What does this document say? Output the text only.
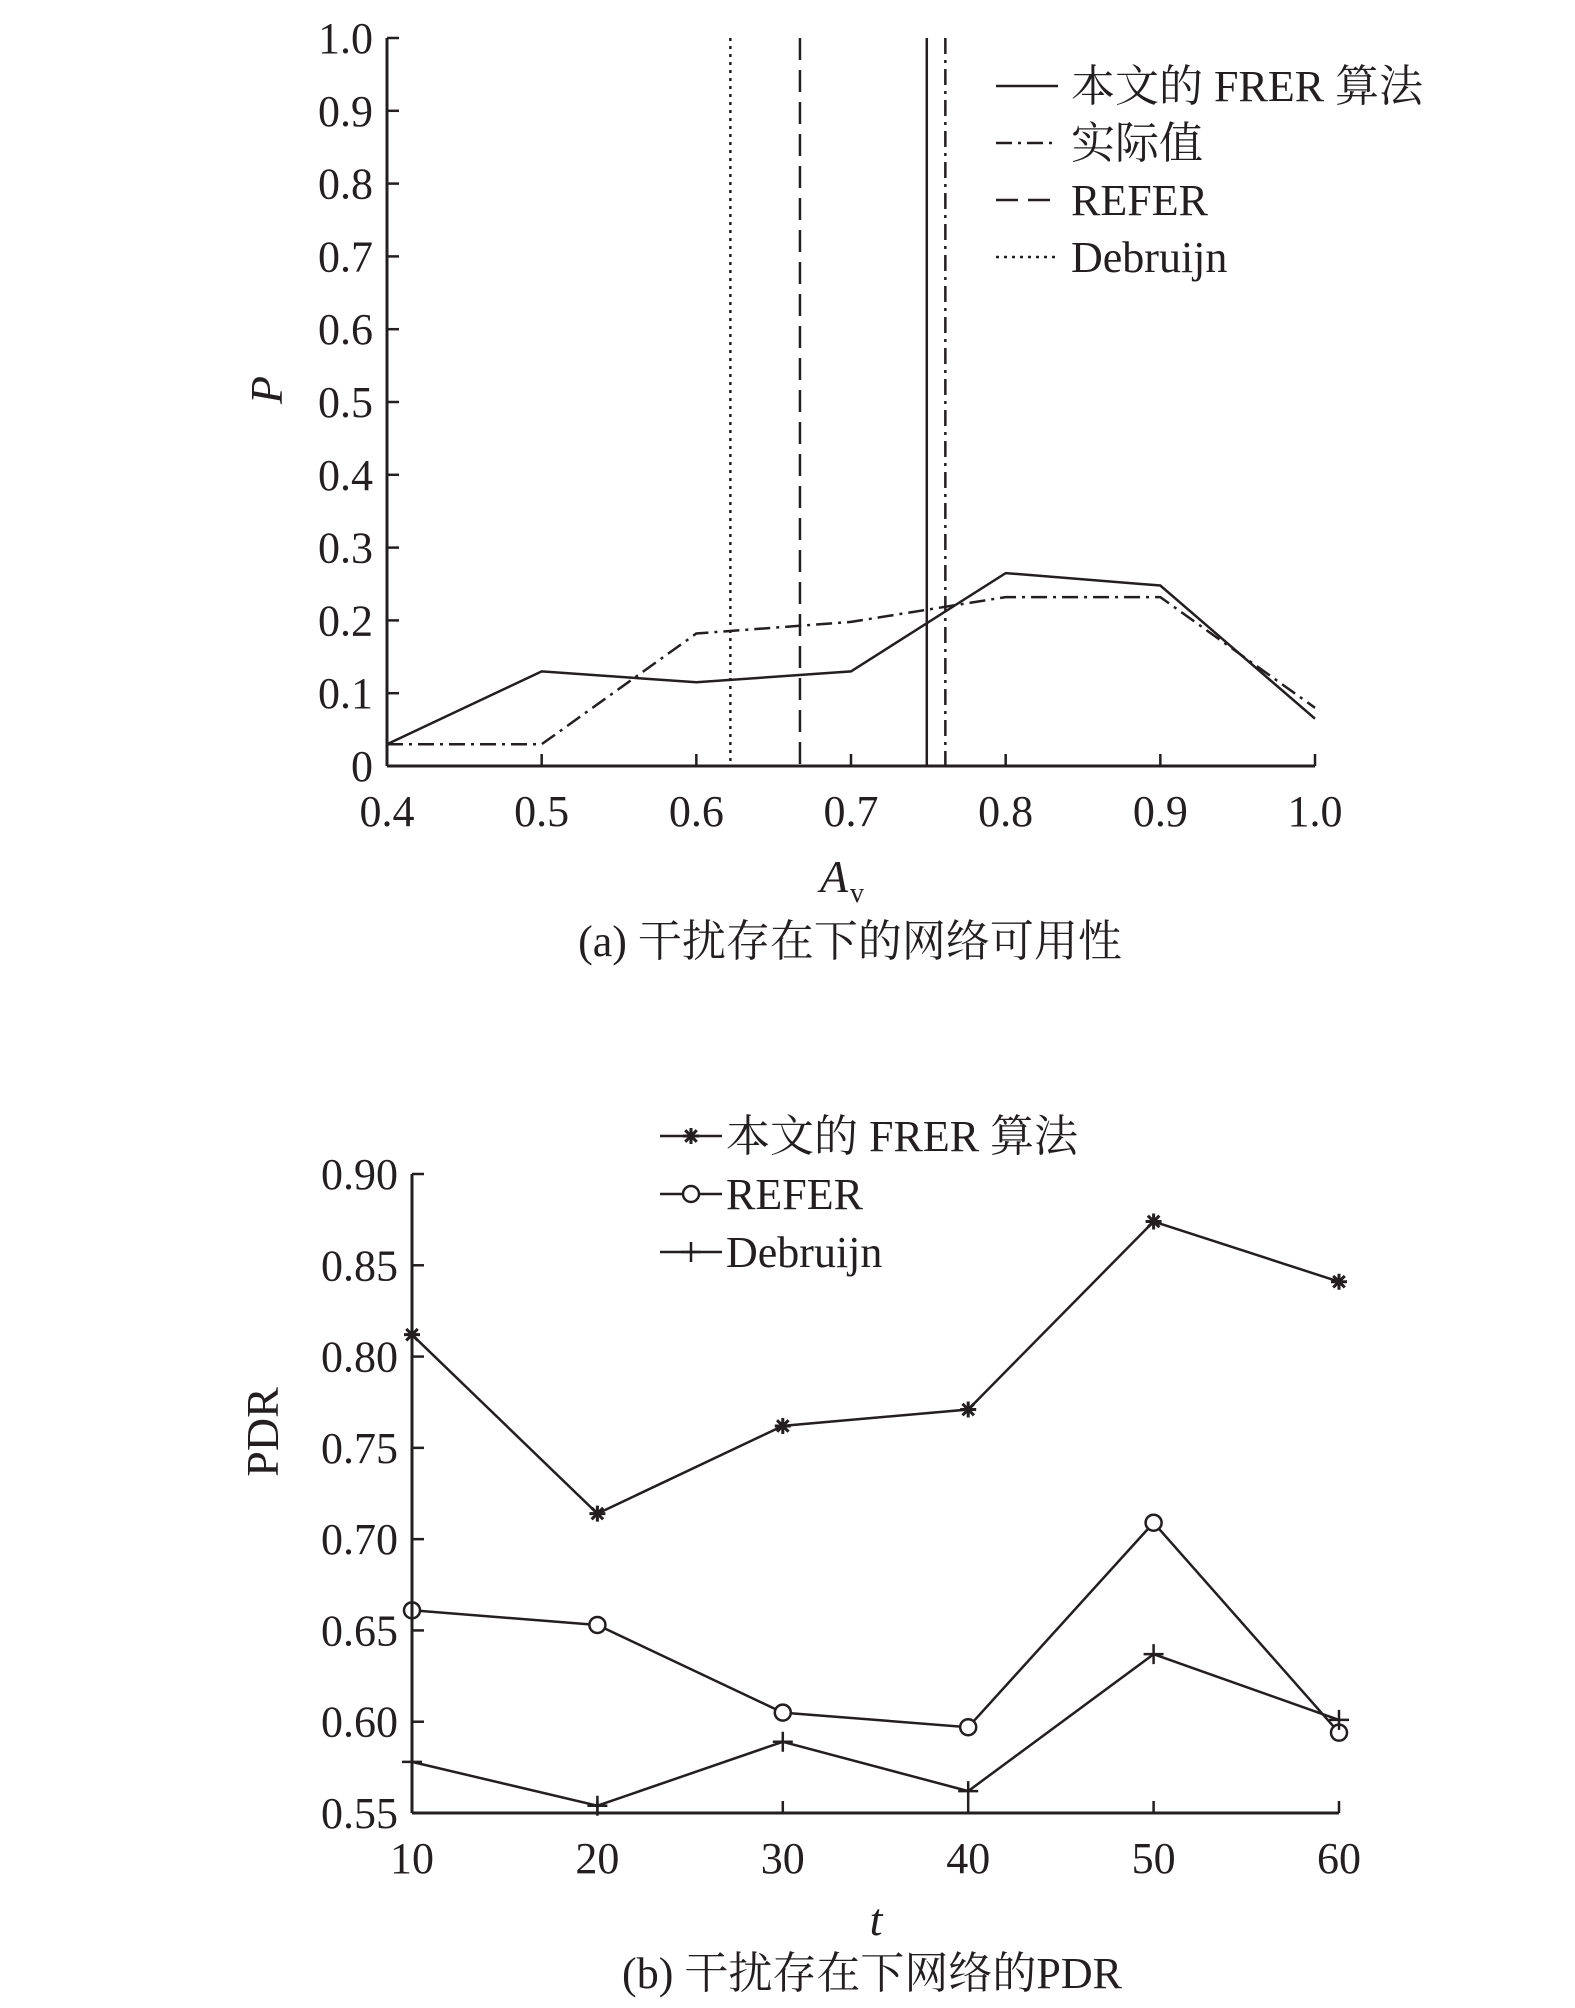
0
0.1
0.2
0.3
0.4
0.5
0.6
0.7
0.8
0.9
1.0
0.4 0.5 0.6 0.7 0.8 0.9 1.0
本文的 FRER 算法
实际值
REFER
Debruijn
P
A v
(a) 干扰存在下的网络可用性
0.55
0.60
0.65
0.70
0.75
0.80
0.85
0.90
10	20	30	40	50	60
本文的 FRER 算法
REFER
Debruijn
PDR
t
(b) 干扰存在下网络的PDR
